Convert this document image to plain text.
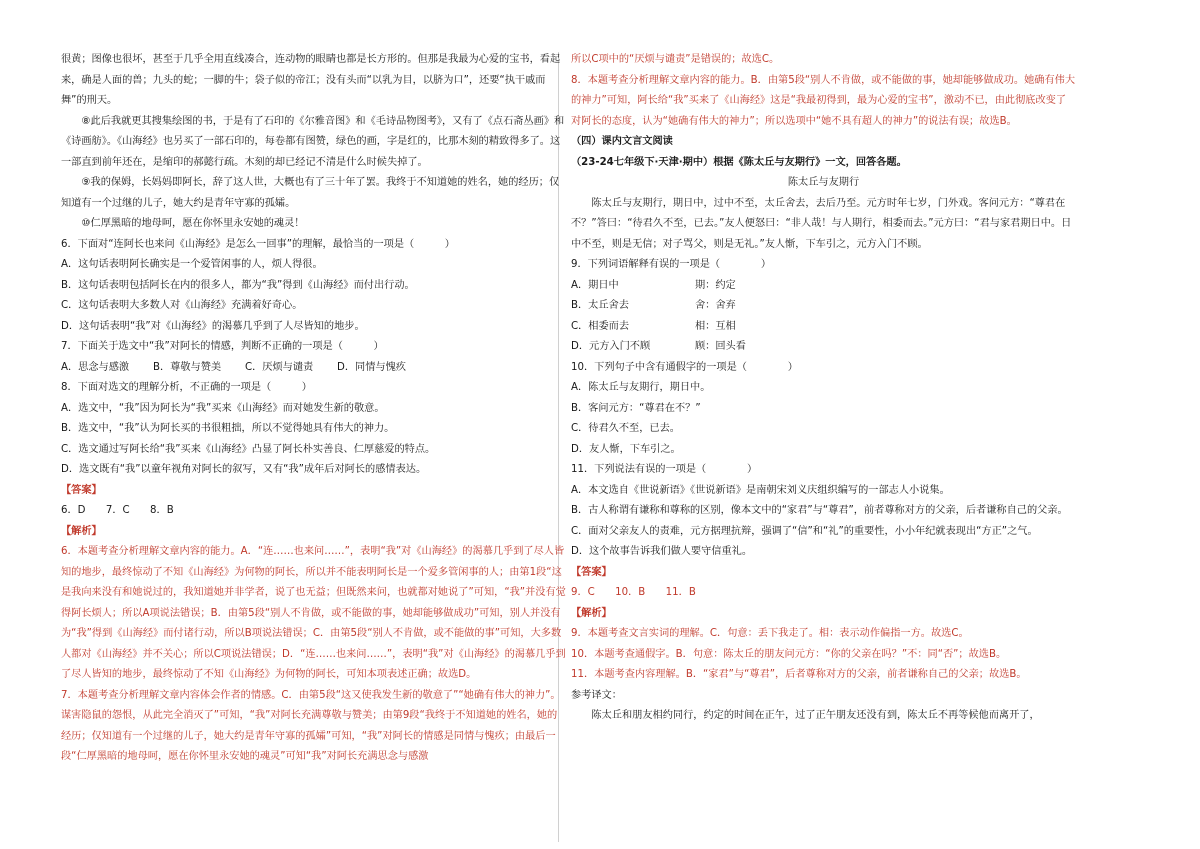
很黄；图像也很坏，甚至于几乎全用直线凑合，连动物的眼睛也都是长方形的。但那是我最为心爱的宝书，看起来，确是人面的兽；九头的蛇；一脚的牛；袋子似的帝江；没有头而“以乳为目，以脐为口”，还要“执干戚而舞”的刑天。

⑧此后我就更其搜集绘图的书，于是有了石印的《尔雅音图》和《毛诗品物图考》，又有了《点石斋丛画》和《诗画舫》。《山海经》也另买了一部石印的，每卷都有图赞，绿色的画，字是红的，比那木刻的精致得多了。这一部直到前年还在，是缩印的郝懿行疏。木刻的却已经记不清是什么时候失掉了。

⑨我的保姆，长妈妈即阿长，辞了这人世，大概也有了三十年了罢。我终于不知道她的姓名，她的经历；仅知道有一个过继的儿子，她大约是青年守寡的孤孀。

⑩仁厚黑暗的地母呵，愿在你怀里永安她的魂灵！

6．下面对“连阿长也来问《山海经》是怎么一回事”的理解，最恰当的一项是（　　　）

A．这句话表明阿长确实是一个爱管闲事的人，烦人得很。

B．这句话表明包括阿长在内的很多人，都为“我”得到《山海经》而付出行动。

C．这句话表明大多数人对《山海经》充满着好奇心。

D．这句话表明“我”对《山海经》的渴慕几乎到了人尽皆知的地步。

7．下面关于选文中“我”对阿长的情感，判断不正确的一项是（　　　）

A．思念与感激 B．尊敬与赞美 C．厌烦与谴责 D．同情与愧疚

8．下面对选文的理解分析，不正确的一项是（　　　）

A．选文中，“我”因为阿长为“我”买来《山海经》而对她发生新的敬意。

B．选文中，“我”认为阿长买的书很粗拙，所以不觉得她具有伟大的神力。

C．选文通过写阿长给“我”买来《山海经》凸显了阿长朴实善良、仁厚慈爱的特点。

D．选文既有“我”以童年视角对阿长的叙写，又有“我”成年后对阿长的感情表达。

【答案】

6．D　　7．C　　8．B

【解析】

6．本题考查分析理解文章内容的能力。A．“连……也来问……”，表明“我”对《山海经》的渴慕几乎到了尽人皆知的地步，最终惊动了不知《山海经》为何物的阿长，所以并不能表明阿长是一个爱多管闲事的人；由第1段“这是我向来没有和她说过的，我知道她并非学者，说了也无益；但既然来问，也就都对她说了”可知，“我”并没有觉得阿长烦人；所以A项说法错误；B．由第5段“别人不肯做，或不能做的事，她却能够做成功”可知，别人并没有为“我”得到《山海经》而付诸行动，所以B项说法错误；C．由第5段“别人不肯做，或不能做的事”可知，大多数人都对《山海经》并不关心；所以C项说法错误；D．“连……也来问……”，表明“我”对《山海经》的渴慕几乎到了尽人皆知的地步，最终惊动了不知《山海经》为何物的阿长，可知本项表述正确；故选D。

7．本题考查分析理解文章内容体会作者的情感。C．由第5段“这又使我发生新的敬意了”“她确有伟大的神力”。谋害隐鼠的怨恨，从此完全消灭了”可知，“我”对阿长充满尊敬与赞美；由第9段“我终于不知道她的姓名，她的经历；仅知道有一个过继的儿子，她大约是青年守寡的孤孀”可知，“我”对阿长的情感是同情与愧疚；由最后一段“仁厚黑暗的地母呵，愿在你怀里永安她的魂灵”可知“我”对阿长充满思念与感激

所以C项中的“厌烦与谴责”是错误的；故选C。

8．本题考查分析理解文章内容的能力。B．由第5段“别人不肯做，或不能做的事，她却能够做成功。她确有伟大的神力”可知，阿长给“我”买来了《山海经》这是“我最初得到，最为心爱的宝书”，激动不已，由此彻底改变了对阿长的态度，认为“她确有伟大的神力”；所以选项中“她不具有超人的神力”的说法有误；故选B。

（四）课内文言文阅读

（23-24七年级下·天津·期中）根据《陈太丘与友期行》一文，回答各题。

陈太丘与友期行

陈太丘与友期行，期日中，过中不至，太丘舍去，去后乃至。元方时年七岁，门外戏。客问元方：“尊君在不？”答曰：“待君久不至，已去。”友人便怒曰：“非人哉！与人期行，相委而去。”元方曰：“君与家君期日中。日中不至，则是无信；对子骂父，则是无礼。”友人惭，下车引之，元方入门不顾。

9．下列词语解释有误的一项是（　　　　）

A．期日中	期：约定

B．太丘舍去	舍：舍弃

C．相委而去	相：互相

D．元方入门不顾	顾：回头看

10．下列句子中含有通假字的一项是（　　　　）

A．陈太丘与友期行，期日中。

B．客问元方：“尊君在不？”

C．待君久不至，已去。

D．友人惭，下车引之。

11．下列说法有误的一项是（　　　　）

A．本文选自《世说新语》《世说新语》是南朝宋刘义庆组织编写的一部志人小说集。

B．古人称谓有谦称和尊称的区别，像本文中的“家君”与“尊君”，前者尊称对方的父亲，后者谦称自己的父亲。

C．面对父亲友人的责难，元方据理抗辩，强调了“信”和“礼”的重要性，小小年纪就表现出“方正”之气。

D．这个故事告诉我们做人要守信重礼。

【答案】

9．C　　10．B　　11．B

【解析】

9．本题考查文言实词的理解。C．句意：丢下我走了。相：表示动作偏指一方。故选C。

10．本题考查通假字。B．句意：陈太丘的朋友问元方：“你的父亲在吗？”不：同“否”；故选B。

11．本题考查内容理解。B．“家君”与“尊君”，后者尊称对方的父亲，前者谦称自己的父亲；故选B。

参考译文：

陈太丘和朋友相约同行，约定的时间在正午，过了正午朋友还没有到，陈太丘不再等候他而离开了，
